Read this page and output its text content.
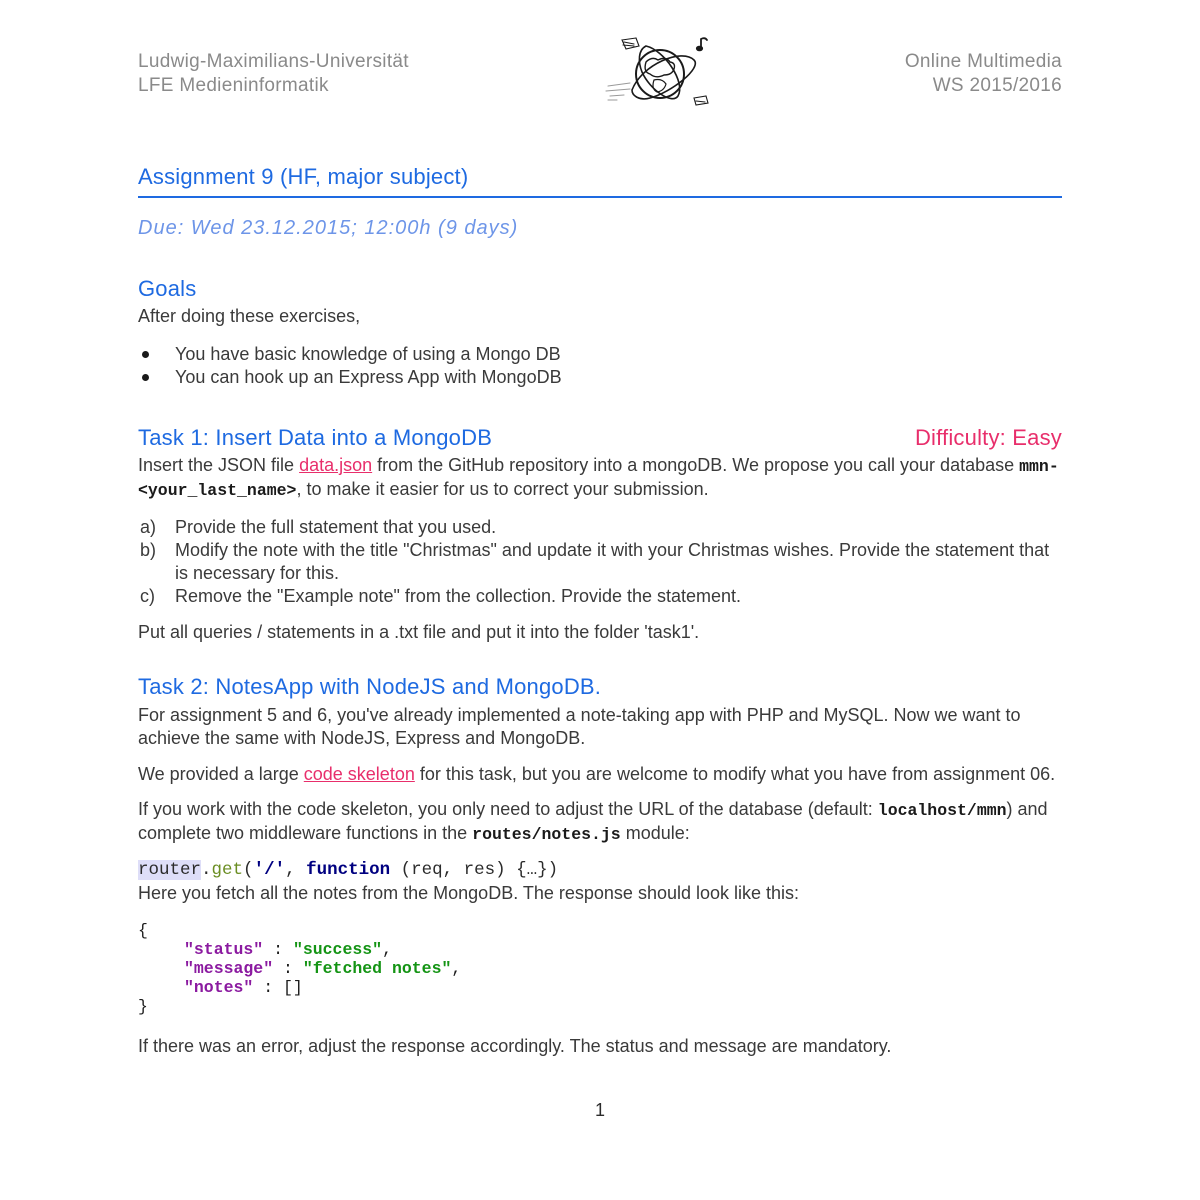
Ludwig-Maximilians-Universität
LFE Medieninformatik
Online Multimedia
WS 2015/2016
Assignment 9 (HF, major subject)

Due: Wed 23.12.2015; 12:00h (9 days)

Goals

After doing these exercises,

You have basic knowledge of using a Mongo DB
You can hook up an Express App with MongoDB
Task 1: Insert Data into a MongoDB	Difficulty: Easy

Insert the JSON file data.json from the GitHub repository into a mongoDB. We propose you call your database mmn-<your_last_name>, to make it easier for us to correct your submission.

a) Provide the full statement that you used.
b) Modify the note with the title "Christmas" and update it with your Christmas wishes. Provide the statement that is necessary for this.
c) Remove the "Example note" from the collection. Provide the statement.

Put all queries / statements in a .txt file and put it into the folder 'task1'.

Task 2: NotesApp with NodeJS and MongoDB.

For assignment 5 and 6, you've already implemented a note-taking app with PHP and MySQL. Now we want to achieve the same with NodeJS, Express and MongoDB.

We provided a large code skeleton for this task, but you are welcome to modify what you have from assignment 06.

If you work with the code skeleton, you only need to adjust the URL of the database (default: localhost/mmn) and complete two middleware functions in the routes/notes.js module:

router.get('/', function (req, res) {…})

Here you fetch all the notes from the MongoDB. The response should look like this:

{
"status" : "success",
"message" : "fetched notes",
"notes" : []
}

If there was an error, adjust the response accordingly. The status and message are mandatory.

1
